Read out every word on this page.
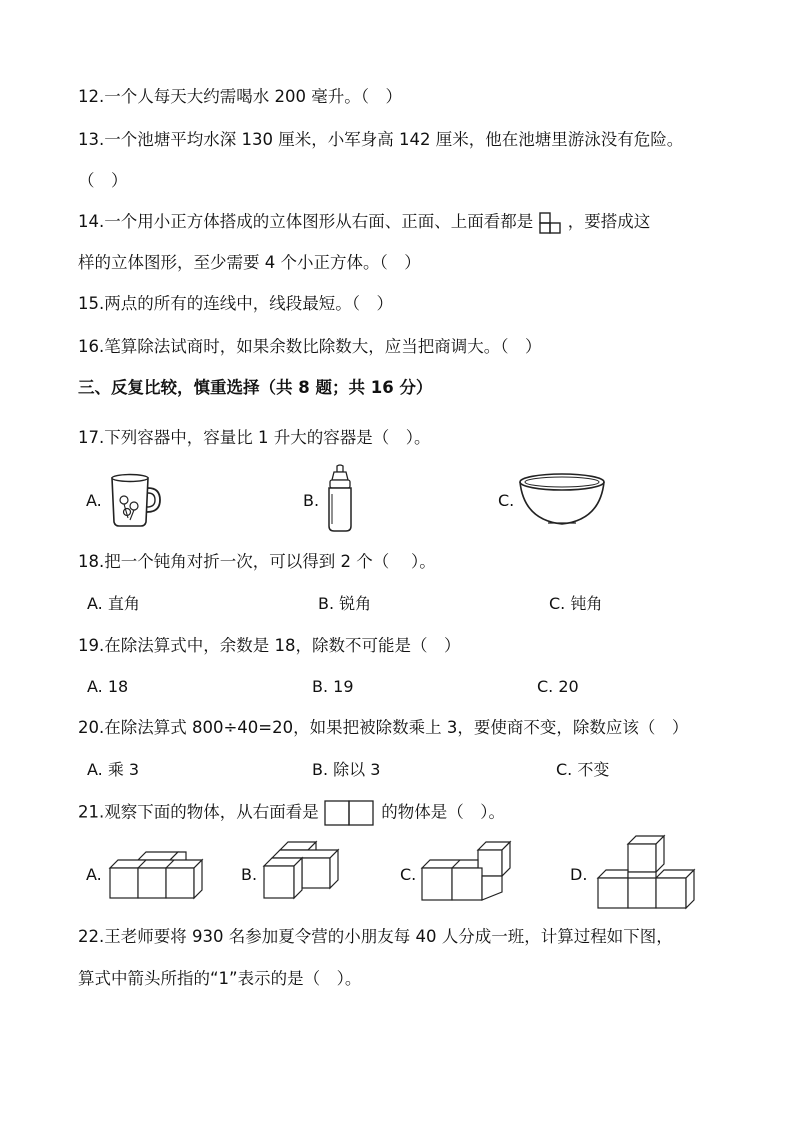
12.一个人每天大约需喝水 200 毫升。（　）
13.一个池塘平均水深 130 厘米，小军身高 142 厘米，他在池塘里游泳没有危险。
（　）
14.一个用小正方体搭成的立体图形从右面、正面、上面看都是 ，要搭成这
样的立体图形，至少需要 4 个小正方体。（　）
15.两点的所有的连线中，线段最短。（　）
16.笔算除法试商时，如果余数比除数大，应当把商调大。（　）
三、反复比较，慎重选择（共 8 题；共 16 分）
17.下列容器中，容量比 1 升大的容器是（　）。
A.	B.	C.
18.把一个钝角对折一次，可以得到 2 个（　 ）。
A. 直角	B. 锐角	C. 钝角
19.在除法算式中，余数是 18，除数不可能是（　）
A. 18	B. 19	C. 20
20.在除法算式 800÷40=20，如果把被除数乘上 3，要使商不变，除数应该（　）
A. 乘 3	B. 除以 3	C. 不变
21.观察下面的物体，从右面看是	的物体是（　）。
A.	B.	C.	D.
22.王老师要将 930 名参加夏令营的小朋友每 40 人分成一班，计算过程如下图，
算式中箭头所指的“1”表示的是（　）。
